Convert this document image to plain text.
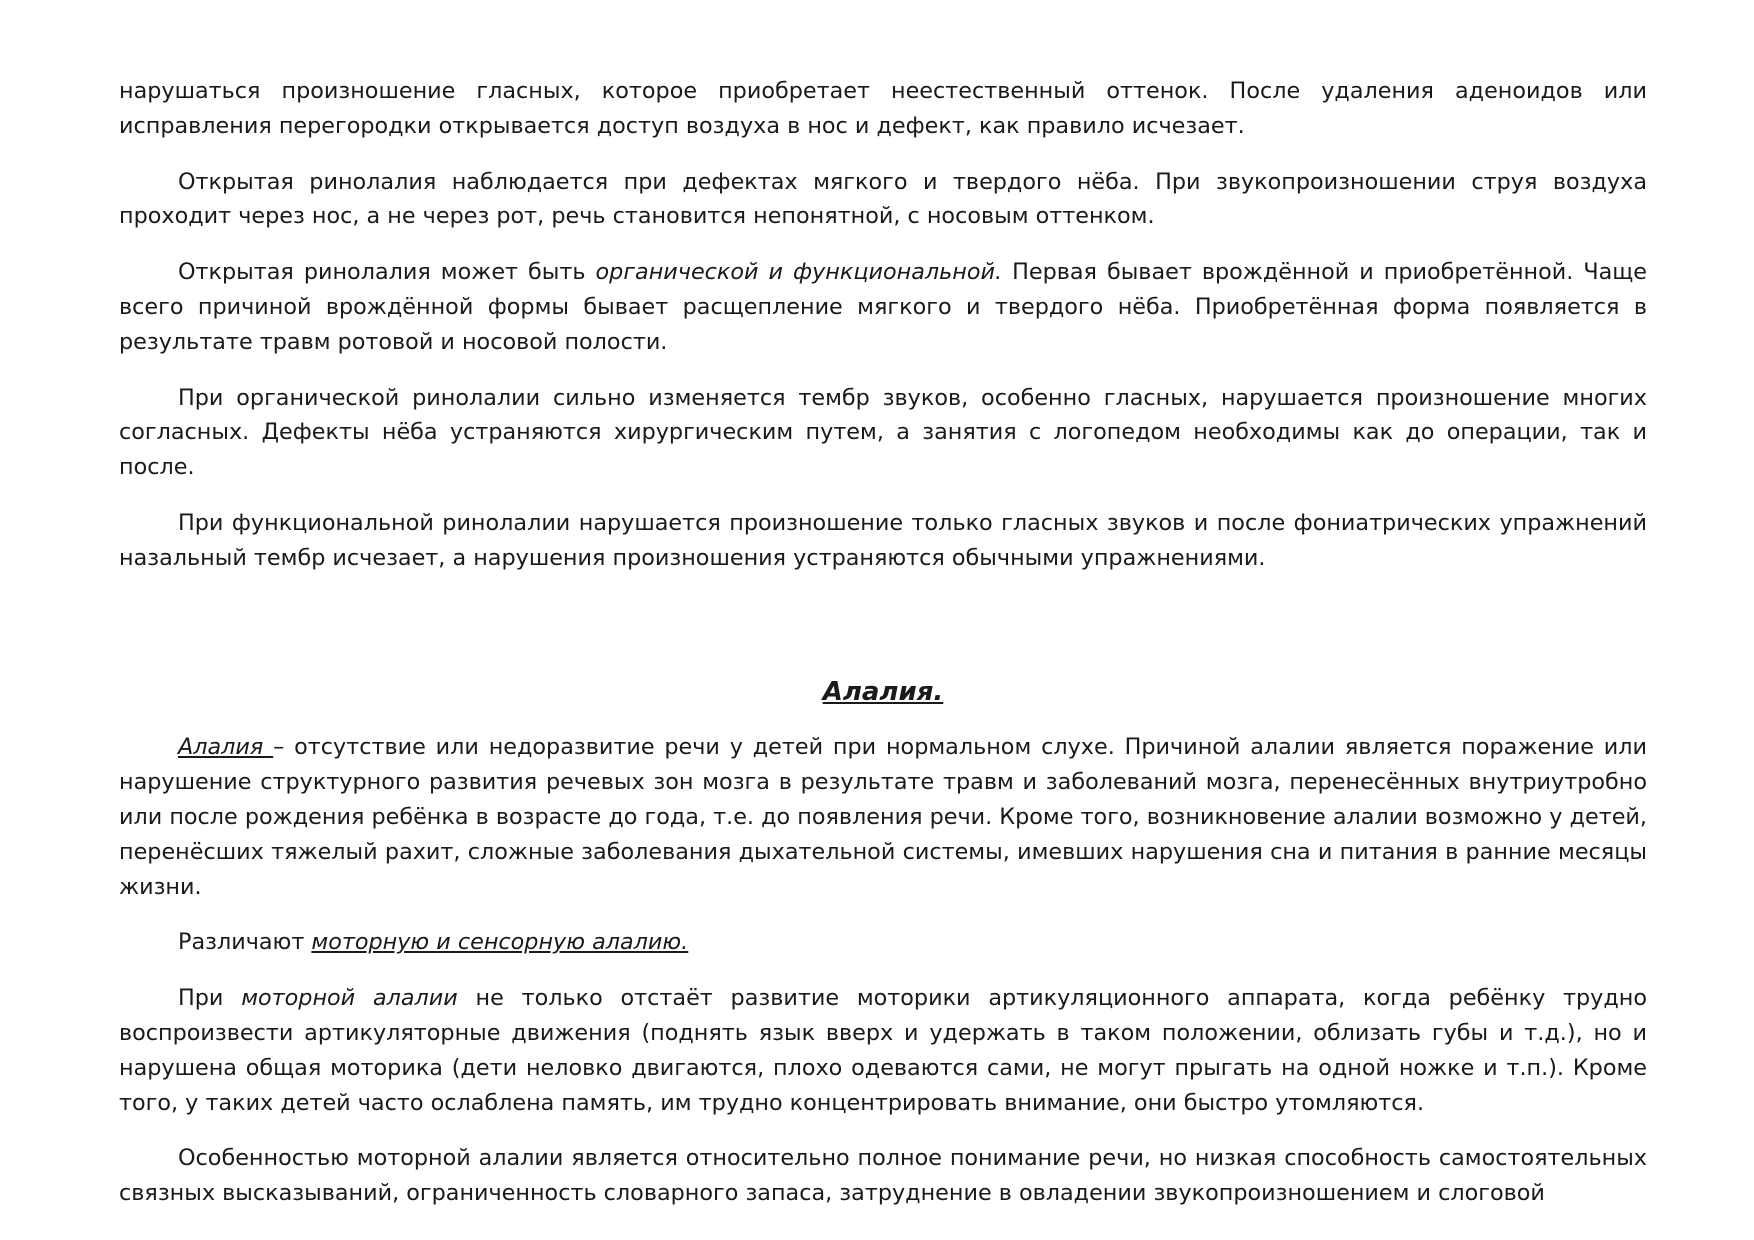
нарушаться произношение гласных, которое приобретает неестественный оттенок. После удаления аденоидов или исправления перегородки открывается доступ воздуха в нос и дефект, как правило исчезает.

Открытая ринолалия наблюдается при дефектах мягкого и твердого нёба. При звукопроизношении струя воздуха проходит через нос, а не через рот, речь становится непонятной, с носовым оттенком.

Открытая ринолалия может быть органической и функциональной. Первая бывает врождённой и приобретённой. Чаще всего причиной врождённой формы бывает расщепление мягкого и твердого нёба. Приобретённая форма появляется в результате травм ротовой и носовой полости.

При органической ринолалии сильно изменяется тембр звуков, особенно гласных, нарушается произношение многих согласных. Дефекты нёба устраняются хирургическим путем, а занятия с логопедом необходимы как до операции, так и после.

При функциональной ринолалии нарушается произношение только гласных звуков и после фониатрических упражнений назальный тембр исчезает, а нарушения произношения устраняются обычными упражнениями.

Алалия.

Алалия – отсутствие или недоразвитие речи у детей при нормальном слухе. Причиной алалии является поражение или нарушение структурного развития речевых зон мозга в результате травм и заболеваний мозга, перенесённых внутриутробно или после рождения ребёнка в возрасте до года, т.е. до появления речи. Кроме того, возникновение алалии возможно у детей, перенёсших тяжелый рахит, сложные заболевания дыхательной системы, имевших нарушения сна и питания в ранние месяцы жизни.

Различают моторную и сенсорную алалию.

При моторной алалии не только отстаёт развитие моторики артикуляционного аппарата, когда ребёнку трудно воспроизвести артикуляторные движения (поднять язык вверх и удержать в таком положении, облизать губы и т.д.), но и нарушена общая моторика (дети неловко двигаются, плохо одеваются сами, не могут прыгать на одной ножке и т.п.). Кроме того, у таких детей часто ослаблена память, им трудно концентрировать внимание, они быстро утомляются.

Особенностью моторной алалии является относительно полное понимание речи, но низкая способность самостоятельных связных высказываний, ограниченность словарного запаса, затруднение в овладении звукопроизношением и слоговой
